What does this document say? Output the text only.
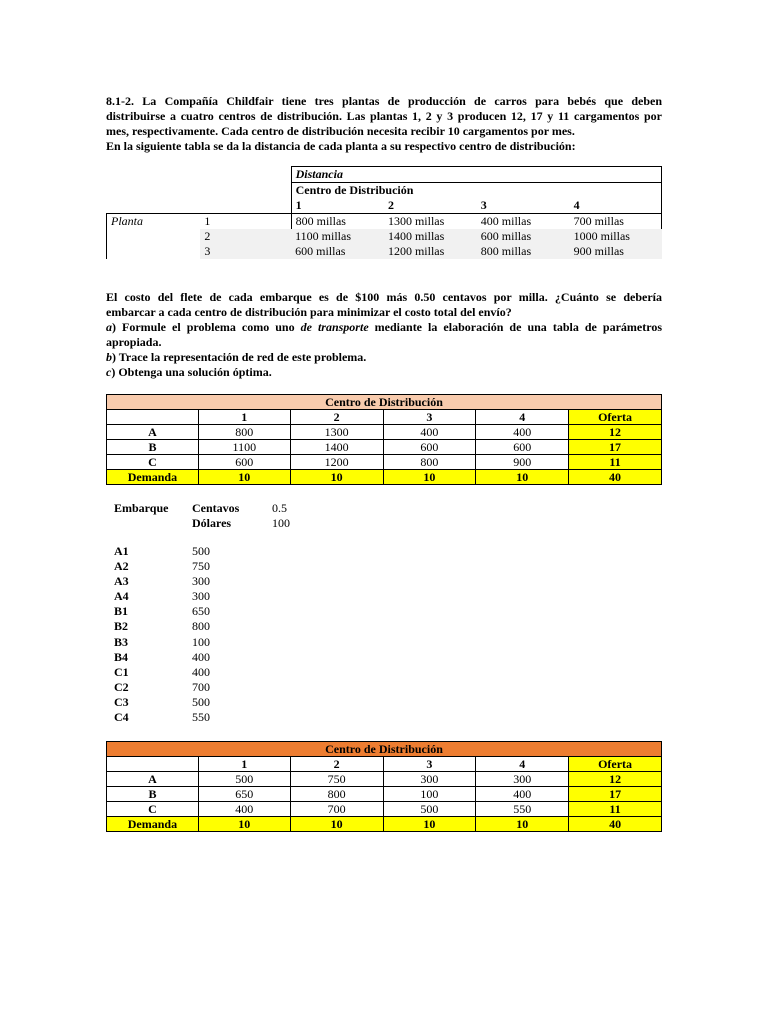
8.1-2. La Compañía Childfair tiene tres plantas de producción de carros para bebés que deben
distribuirse a cuatro centros de distribución. Las plantas 1, 2 y 3 producen 12, 17 y 11 cargamentos por
mes, respectivamente. Cada centro de distribución necesita recibir 10 cargamentos por mes.
En la siguiente tabla se da la distancia de cada planta a su respectivo centro de distribución:
		Distancia			
		Centro de Distribución			
		1	2	3	4
Planta	1	800 millas	1300 millas	400 millas	700 millas
	2	1100 millas	1400 millas	600 millas	1000 millas
	3	600 millas	1200 millas	800 millas	900 millas
El costo del flete de cada embarque es de $100 más 0.50 centavos por milla. ¿Cuánto se debería
embarcar a cada centro de distribución para minimizar el costo total del envío?
a) Formule el problema como uno de transporte mediante la elaboración de una tabla de parámetros
apropiada.
b) Trace la representación de red de este problema.
c) Obtenga una solución óptima.
Centro de Distribución					
	1	2	3	4	Oferta
A	800	1300	400	400	12
B	1100	1400	600	600	17
C	600	1200	800	900	11
Demanda	10	10	10	10	40
Embarque Centavos	0.5
Dólares	100
A1	500
A2	750
A3	300
A4	300
B1	650
B2	800
B3	100
B4	400
C1	400
C2	700
C3	500
C4	550
Centro de Distribución					
	1	2	3	4	Oferta
A	500	750	300	300	12
B	650	800	100	400	17
C	400	700	500	550	11
Demanda	10	10	10	10	40
